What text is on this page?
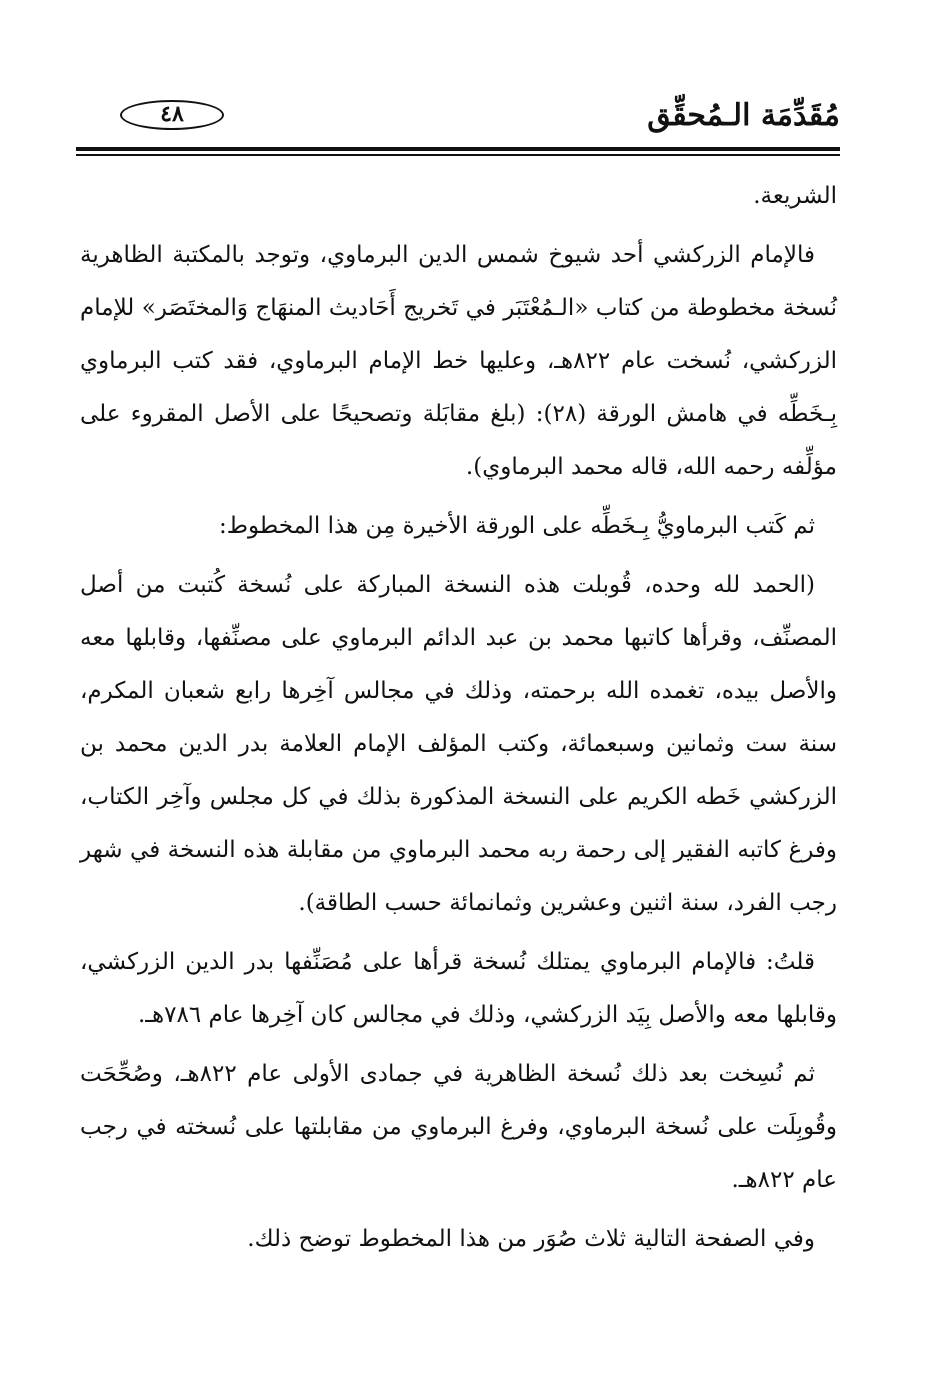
مُقَدِّمَة الـمُحقِّق
٤٨

الشريعة.

فالإمام الزركشي أحد شيوخ شمس الدين البرماوي، وتوجد بالمكتبة الظاهرية نُسخة مخطوطة من كتاب «الـمُعْتَبَر في تَخريج أَحَاديث المنهَاج وَالمختَصَر» للإمام الزركشي، نُسخت عام ٨٢٢هـ، وعليها خط الإمام البرماوي، فقد كتب البرماوي بِـخَطِّه في هامش الورقة (٢٨): (بلغ مقابَلة وتصحيحًا على الأصل المقروء على مؤلِّفه رحمه الله، قاله محمد البرماوي).

ثم كَتب البرماويُّ بِـخَطِّه على الورقة الأخيرة مِن هذا المخطوط:

(الحمد لله وحده، قُوبلت هذه النسخة المباركة على نُسخة كُتبت من أصل المصنِّف، وقرأها كاتبها محمد بن عبد الدائم البرماوي على مصنِّفها، وقابلها معه والأصل بيده، تغمده الله برحمته، وذلك في مجالس آخِرها رابع شعبان المكرم، سنة ست وثمانين وسبعمائة، وكتب المؤلف الإمام العلامة بدر الدين محمد بن الزركشي خَطه الكريم على النسخة المذكورة بذلك في كل مجلس وآخِر الكتاب، وفرغ كاتبه الفقير إلى رحمة ربه محمد البرماوي من مقابلة هذه النسخة في شهر رجب الفرد، سنة اثنين وعشرين وثمانمائة حسب الطاقة).

قلتُ: فالإمام البرماوي يمتلك نُسخة قرأها على مُصَنِّفها بدر الدين الزركشي، وقابلها معه والأصل بِيَد الزركشي، وذلك في مجالس كان آخِرها عام ٧٨٦هـ.

ثم نُسِخت بعد ذلك نُسخة الظاهرية في جمادى الأولى عام ٨٢٢هـ، وصُحِّحَت وقُوبِلَت على نُسخة البرماوي، وفرغ البرماوي من مقابلتها على نُسخته في رجب عام ٨٢٢هـ.

وفي الصفحة التالية ثلاث صُوَر من هذا المخطوط توضح ذلك.
